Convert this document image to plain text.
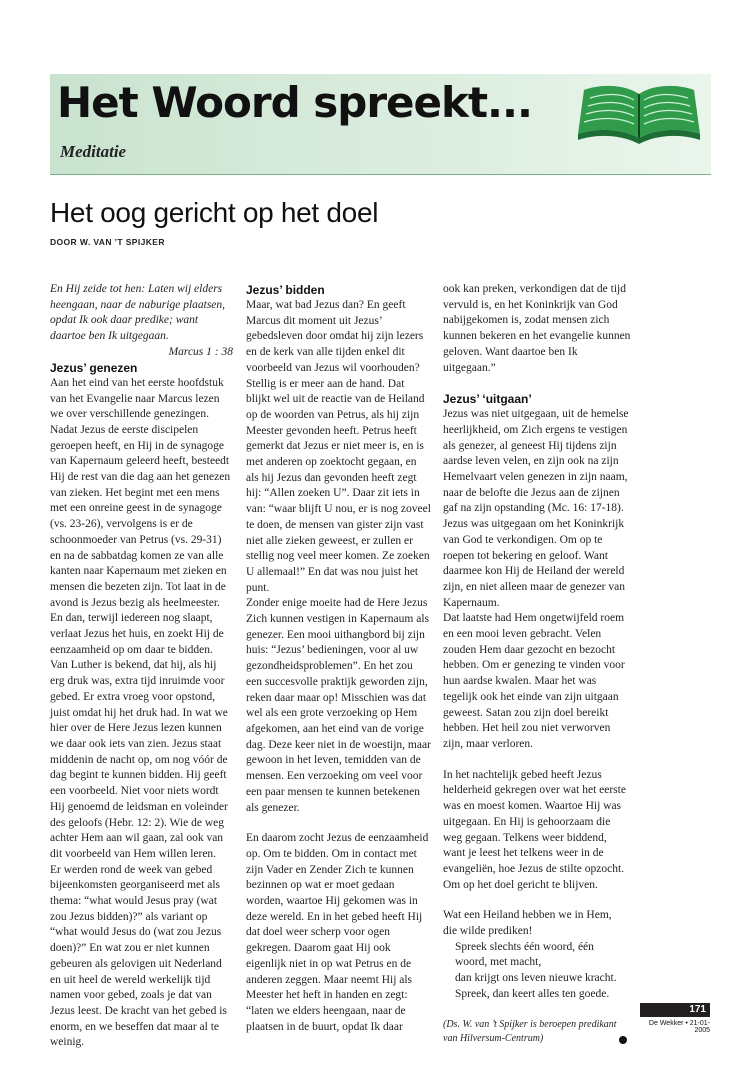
Het Woord spreekt...
Meditatie
Het oog gericht op het doel
DOOR W. VAN ’T SPIJKER

En Hij zeide tot hen: Laten wij elders heengaan, naar de naburige plaatsen, opdat Ik ook daar predike; want daartoe ben Ik uitgegaan.
Marcus 1 : 38

Jezus’ genezen

Aan het eind van het eerste hoofdstuk van het Evangelie naar Marcus lezen we over verschillende genezingen. Nadat Jezus de eerste discipelen geroepen heeft, en Hij in de synagoge van Kapernaum geleerd heeft, besteedt Hij de rest van die dag aan het genezen van zieken. Het begint met een mens met een onreine geest in de synagoge (vs. 23-26), vervolgens is er de schoonmoeder van Petrus (vs. 29-31) en na de sabbatdag komen ze van alle kanten naar Kapernaum met zieken en mensen die bezeten zijn. Tot laat in de avond is Jezus bezig als heelmeester.

En dan, terwijl iedereen nog slaapt, verlaat Jezus het huis, en zoekt Hij de eenzaamheid op om daar te bidden. Van Luther is bekend, dat hij, als hij erg druk was, extra tijd inruimde voor gebed. Er extra vroeg voor opstond, juist omdat hij het druk had. In wat we hier over de Here Jezus lezen kunnen we daar ook iets van zien. Jezus staat middenin de nacht op, om nog vóór de dag begint te kunnen bidden. Hij geeft een voorbeeld. Niet voor niets wordt Hij genoemd de leidsman en voleinder des geloofs (Hebr. 12: 2). Wie de weg achter Hem aan wil gaan, zal ook van dit voorbeeld van Hem willen leren.

Er werden rond de week van gebed bijeenkomsten georganiseerd met als thema: “what would Jesus pray (wat zou Jezus bidden)?” als variant op “what would Jesus do (wat zou Jezus doen)?” En wat zou er niet kunnen gebeuren als gelovigen uit Nederland en uit heel de wereld werkelijk tijd namen voor gebed, zoals je dat van Jezus leest. De kracht van het gebed is enorm, en we beseffen dat maar al te weinig.

Jezus’ bidden

Maar, wat bad Jezus dan? En geeft Marcus dit moment uit Jezus’ gebedsleven door omdat hij zijn lezers en de kerk van alle tijden enkel dit voorbeeld van Jezus wil voorhouden? Stellig is er meer aan de hand. Dat blijkt wel uit de reactie van de Heiland op de woorden van Petrus, als hij zijn Meester gevonden heeft. Petrus heeft gemerkt dat Jezus er niet meer is, en is met anderen op zoektocht gegaan, en als hij Jezus dan gevonden heeft zegt hij: “Allen zoeken U”. Daar zit iets in van: “waar blijft U nou, er is nog zoveel te doen, de mensen van gister zijn vast niet alle zieken geweest, er zullen er stellig nog veel meer komen. Ze zoeken U allemaal!” En dat was nou juist het punt.

Zonder enige moeite had de Here Jezus Zich kunnen vestigen in Kapernaum als genezer. Een mooi uithangbord bij zijn huis: “Jezus’ bedieningen, voor al uw gezondheidsproblemen”. En het zou een succesvolle praktijk geworden zijn, reken daar maar op! Misschien was dat wel als een grote verzoeking op Hem afgekomen, aan het eind van de vorige dag. Deze keer niet in de woestijn, maar gewoon in het leven, temidden van de mensen. Een verzoeking om veel voor een paar mensen te kunnen betekenen als genezer.

En daarom zocht Jezus de eenzaamheid op. Om te bidden. Om in contact met zijn Vader en Zender Zich te kunnen bezinnen op wat er moet gedaan worden, waartoe Hij gekomen was in deze wereld. En in het gebed heeft Hij dat doel weer scherp voor ogen gekregen. Daarom gaat Hij ook eigenlijk niet in op wat Petrus en de anderen zeggen. Maar neemt Hij als Meester het heft in handen en zegt: “laten we elders heengaan, naar de plaatsen in de buurt, opdat Ik daar

ook kan preken, verkondigen dat de tijd vervuld is, en het Koninkrijk van God nabijgekomen is, zodat mensen zich kunnen bekeren en het evangelie kunnen geloven. Want daartoe ben Ik uitgegaan.”

Jezus’ ‘uitgaan’

Jezus was niet uitgegaan, uit de hemelse heerlijkheid, om Zich ergens te vestigen als genezer, al geneest Hij tijdens zijn aardse leven velen, en zijn ook na zijn Hemelvaart velen genezen in zijn naam, naar de belofte die Jezus aan de zijnen gaf na zijn opstanding (Mc. 16: 17-18). Jezus was uitgegaan om het Koninkrijk van God te verkondigen. Om op te roepen tot bekering en geloof. Want daarmee kon Hij de Heiland der wereld zijn, en niet alleen maar de genezer van Kapernaum.

Dat laatste had Hem ongetwijfeld roem en een mooi leven gebracht. Velen zouden Hem daar gezocht en bezocht hebben. Om er genezing te vinden voor hun aardse kwalen. Maar het was tegelijk ook het einde van zijn uitgaan geweest. Satan zou zijn doel bereikt hebben. Het heil zou niet verworven zijn, maar verloren.

In het nachtelijk gebed heeft Jezus helderheid gekregen over wat het eerste was en moest komen. Waartoe Hij was uitgegaan. En Hij is gehoorzaam die weg gegaan. Telkens weer biddend, want je leest het telkens weer in de evangeliën, hoe Jezus de stilte opzocht. Om op het doel gericht te blijven.

Wat een Heiland hebben we in Hem,

die wilde prediken!

Spreek slechts één woord, één

woord, met macht,

dan krijgt ons leven nieuwe kracht.

Spreek, dan keert alles ten goede.

(Ds. W. van ’t Spijker is beroepen predikant van Hilversum-Centrum)

171
De Wekker • 21-01-2005
